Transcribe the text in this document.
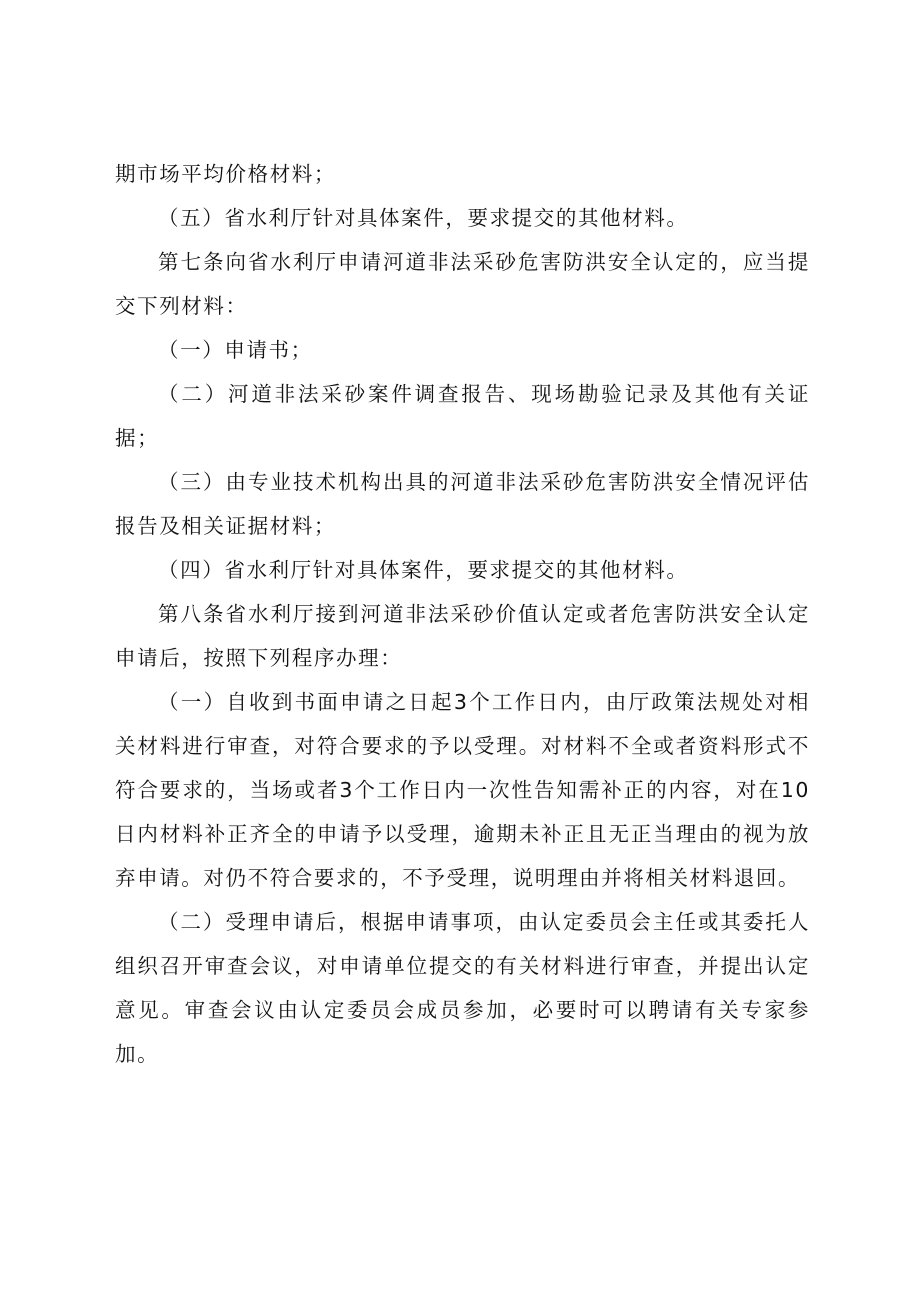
期市场平均价格材料；

（五）省水利厅针对具体案件，要求提交的其他材料。

第七条向省水利厅申请河道非法采砂危害防洪安全认定的，应当提交下列材料：

（一）申请书；

（二）河道非法采砂案件调查报告、现场勘验记录及其他有关证据；

（三）由专业技术机构出具的河道非法采砂危害防洪安全情况评估报告及相关证据材料；

（四）省水利厅针对具体案件，要求提交的其他材料。

第八条省水利厅接到河道非法采砂价值认定或者危害防洪安全认定申请后，按照下列程序办理：

（一）自收到书面申请之日起3个工作日内，由厅政策法规处对相关材料进行审查，对符合要求的予以受理。对材料不全或者资料形式不符合要求的，当场或者3个工作日内一次性告知需补正的内容，对在10日内材料补正齐全的申请予以受理，逾期未补正且无正当理由的视为放弃申请。对仍不符合要求的，不予受理，说明理由并将相关材料退回。

（二）受理申请后，根据申请事项，由认定委员会主任或其委托人组织召开审查会议，对申请单位提交的有关材料进行审查，并提出认定意见。审查会议由认定委员会成员参加，必要时可以聘请有关专家参加。
